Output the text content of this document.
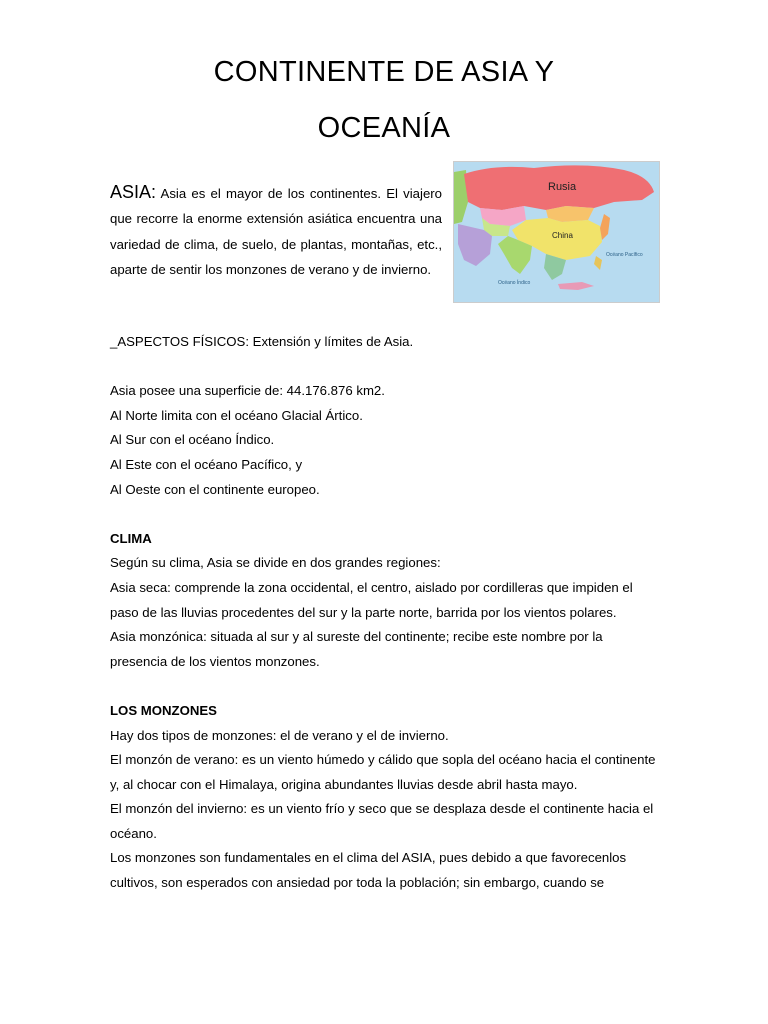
CONTINENTE DE ASIA Y
OCEANÍA
ASIA: Asia es el mayor de los continentes. El viajero que recorre la enorme extensión asiática encuentra una variedad de clima, de suelo, de plantas, montañas, etc., aparte de sentir los monzones de verano y de invierno.
Rusia
China
Océano Pacífico
Océano Índico

_ASPECTOS FÍSICOS: Extensión y límites de Asia.

Asia posee una superficie de: 44.176.876 km2.

Al Norte limita con el océano Glacial Ártico.

Al Sur con el océano Índico.

Al Este con el océano Pacífico, y

Al Oeste con el continente europeo.

CLIMA

Según su clima, Asia se divide en dos grandes regiones:

Asia seca: comprende la zona occidental, el centro, aislado por cordilleras que impiden el paso de las lluvias procedentes del sur y la parte norte, barrida por los vientos polares.

Asia monzónica: situada al sur y al sureste del continente; recibe este nombre por la presencia de los vientos monzones.

LOS MONZONES

Hay dos tipos de monzones: el de verano y el de invierno.

El monzón de verano: es un viento húmedo y cálido que sopla del océano hacia el continente y, al chocar con el Himalaya, origina abundantes lluvias desde abril hasta mayo.

El monzón del invierno: es un viento frío y seco que se desplaza desde el continente hacia el océano.

Los monzones son fundamentales en el clima del ASIA, pues debido a que favorecenlos cultivos, son esperados con ansiedad por toda la población; sin embargo, cuando se
